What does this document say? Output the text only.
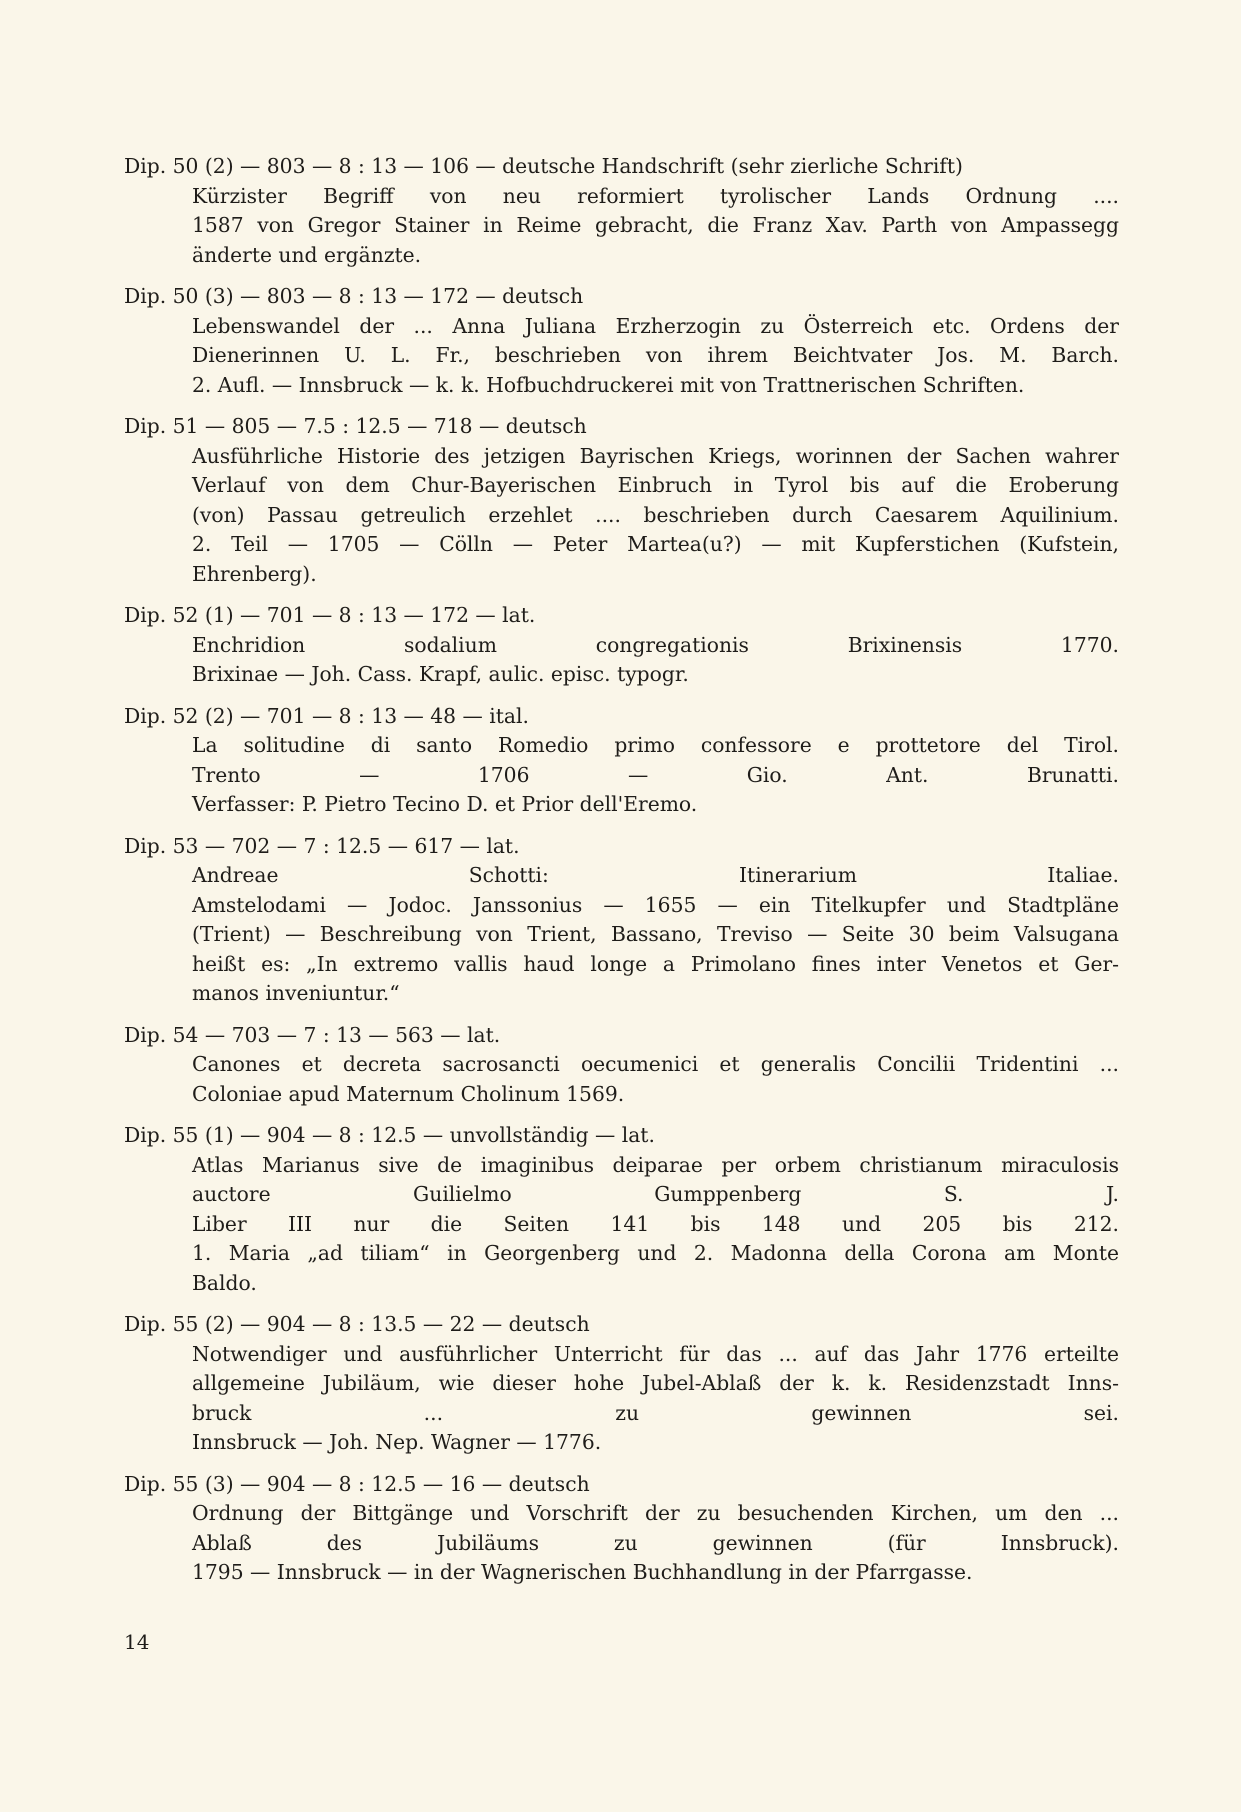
Dip. 50 (2) — 803 — 8 : 13 — 106 — deutsche Handschrift (sehr zierliche Schrift)
Kürzister Begriff von neu reformiert tyrolischer Lands Ordnung ....
1587 von Gregor Stainer in Reime gebracht, die Franz Xav. Parth von Ampassegg
änderte und ergänzte.
Dip. 50 (3) — 803 — 8 : 13 — 172 — deutsch
Lebenswandel der ... Anna Juliana Erzherzogin zu Österreich etc. Ordens der
Dienerinnen U. L. Fr., beschrieben von ihrem Beichtvater Jos. M. Barch.
2. Aufl. — Innsbruck — k. k. Hofbuchdruckerei mit von Trattnerischen Schriften.
Dip. 51 — 805 — 7.5 : 12.5 — 718 — deutsch
Ausführliche Historie des jetzigen Bayrischen Kriegs, worinnen der Sachen wahrer
Verlauf von dem Chur-Bayerischen Einbruch in Tyrol bis auf die Eroberung
(von) Passau getreulich erzehlet .... beschrieben durch Caesarem Aquilinium.
2. Teil — 1705 — Cölln — Peter Martea(u?) — mit Kupferstichen (Kufstein,
Ehrenberg).
Dip. 52 (1) — 701 — 8 : 13 — 172 — lat.
Enchridion sodalium congregationis Brixinensis 1770.
Brixinae — Joh. Cass. Krapf, aulic. episc. typogr.
Dip. 52 (2) — 701 — 8 : 13 — 48 — ital.
La solitudine di santo Romedio primo confessore e prottetore del Tirol.
Trento — 1706 — Gio. Ant. Brunatti.
Verfasser: P. Pietro Tecino D. et Prior dell'Eremo.
Dip. 53 — 702 — 7 : 12.5 — 617 — lat.
Andreae Schotti: Itinerarium Italiae.
Amstelodami — Jodoc. Janssonius — 1655 — ein Titelkupfer und Stadtpläne
(Trient) — Beschreibung von Trient, Bassano, Treviso — Seite 30 beim Valsugana
heißt es: „In extremo vallis haud longe a Primolano fines inter Venetos et Ger-
manos inveniuntur.“
Dip. 54 — 703 — 7 : 13 — 563 — lat.
Canones et decreta sacrosancti oecumenici et generalis Concilii Tridentini ...
Coloniae apud Maternum Cholinum 1569.
Dip. 55 (1) — 904 — 8 : 12.5 — unvollständig — lat.
Atlas Marianus sive de imaginibus deiparae per orbem christianum miraculosis
auctore Guilielmo Gumppenberg S. J.
Liber III nur die Seiten 141 bis 148 und 205 bis 212.
1. Maria „ad tiliam“ in Georgenberg und 2. Madonna della Corona am Monte
Baldo.
Dip. 55 (2) — 904 — 8 : 13.5 — 22 — deutsch
Notwendiger und ausführlicher Unterricht für das ... auf das Jahr 1776 erteilte
allgemeine Jubiläum, wie dieser hohe Jubel-Ablaß der k. k. Residenzstadt Inns-
bruck ... zu gewinnen sei.
Innsbruck — Joh. Nep. Wagner — 1776.
Dip. 55 (3) — 904 — 8 : 12.5 — 16 — deutsch
Ordnung der Bittgänge und Vorschrift der zu besuchenden Kirchen, um den ...
Ablaß des Jubiläums zu gewinnen (für Innsbruck).
1795 — Innsbruck — in der Wagnerischen Buchhandlung in der Pfarrgasse.
14
